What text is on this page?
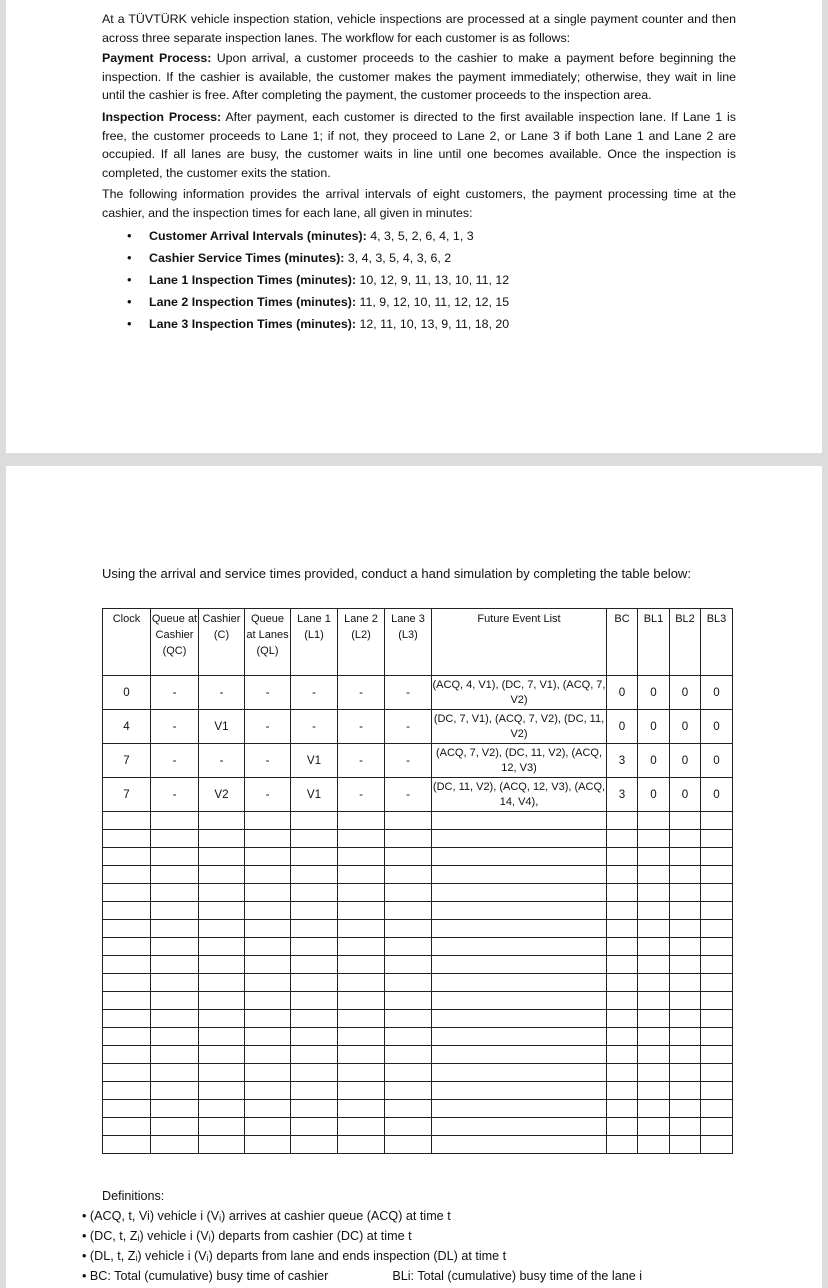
At a TÜVTÜRK vehicle inspection station, vehicle inspections are processed at a single payment counter and then across three separate inspection lanes. The workflow for each customer is as follows:

Payment Process: Upon arrival, a customer proceeds to the cashier to make a payment before beginning the inspection. If the cashier is available, the customer makes the payment immediately; otherwise, they wait in line until the cashier is free. After completing the payment, the customer proceeds to the inspection area.

Inspection Process: After payment, each customer is directed to the first available inspection lane. If Lane 1 is free, the customer proceeds to Lane 1; if not, they proceed to Lane 2, or Lane 3 if both Lane 1 and Lane 2 are occupied. If all lanes are busy, the customer waits in line until one becomes available. Once the inspection is completed, the customer exits the station.

The following information provides the arrival intervals of eight customers, the payment processing time at the cashier, and the inspection times for each lane, all given in minutes:

• Customer Arrival Intervals (minutes): 4, 3, 5, 2, 6, 4, 1, 3
• Cashier Service Times (minutes): 3, 4, 3, 5, 4, 3, 6, 2
• Lane 1 Inspection Times (minutes): 10, 12, 9, 11, 13, 10, 11, 12
• Lane 2 Inspection Times (minutes): 11, 9, 12, 10, 11, 12, 12, 15
• Lane 3 Inspection Times (minutes): 12, 11, 10, 13, 9, 11, 18, 20
Using the arrival and service times provided, conduct a hand simulation by completing the table below:
Clock	Queue at Cashier (QC)	Cashier (C)	Queue at Lanes (QL)	Lane 1 (L1)	Lane 2 (L2)	Lane 3 (L3)	Future Event List	BC	BL1	BL2	BL3
0	-	-	-	-	-	-	(ACQ, 4, V1), (DC, 7, V1), (ACQ, 7, V2)	0	0	0	0
4	-	V1	-	-	-	-	(DC, 7, V1), (ACQ, 7, V2), (DC, 11, V2)	0	0	0	0
7	-	-	-	V1	-	-	(ACQ, 7, V2), (DC, 11, V2), (ACQ, 12, V3)	3	0	0	0
7	-	V2	-	V1	-	-	(DC, 11, V2), (ACQ, 12, V3), (ACQ, 14, V4),	3	0	0	0

Definitions:
• (ACQ, t, Vi) vehicle i (Vᵢ) arrives at cashier queue (ACQ) at time t
• (DC, t, Zᵢ) vehicle i (Vᵢ) departs from cashier (DC) at time t
• (DL, t, Zᵢ) vehicle i (Vᵢ) departs from lane and ends inspection (DL) at time t
• BC: Total (cumulative) busy time of cashier	BLi: Total (cumulative) busy time of the lane i
